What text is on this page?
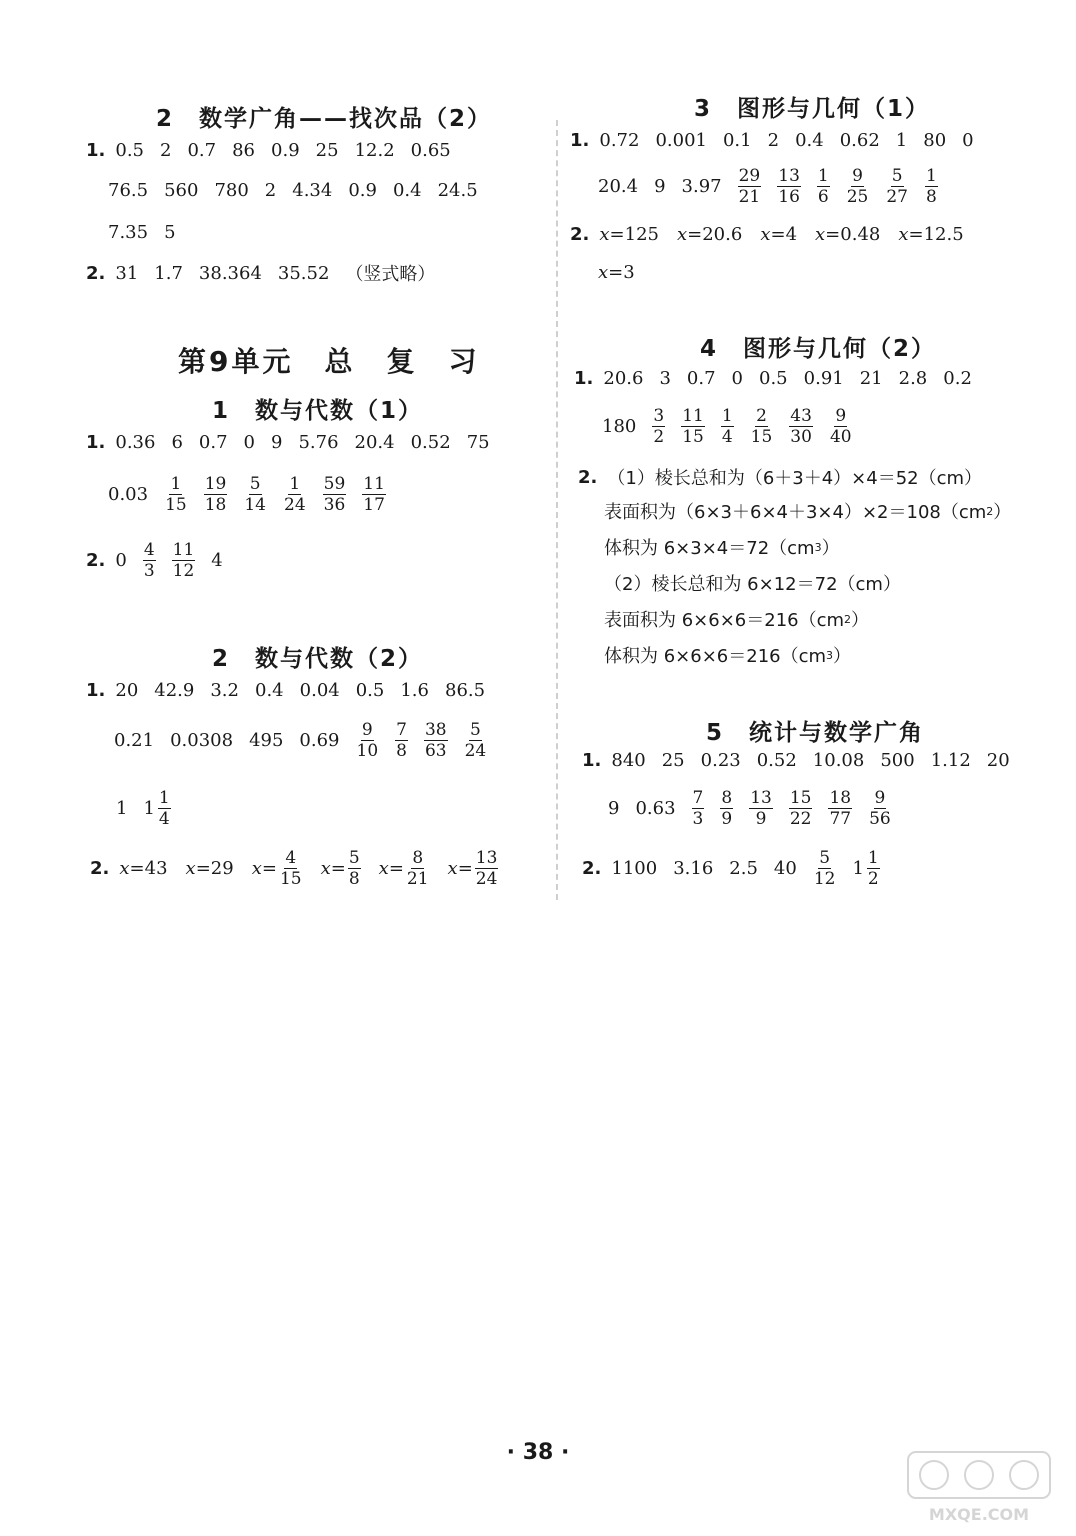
2　数学广角——找次品（2）
1. 0.5 2 0.7 86 0.9 25 12.2 0.65
76.5 560 780 2 4.34 0.9 0.4 24.5
7.35 5
2. 31 1.7 38.364 35.52 （竖式略）
第9单元　总　复　习
1　数与代数（1）
1. 0.36 6 0.7 0 9 5.76 20.4 0.52 75
$0.03 \frac{1}{15} \frac{19}{18} \frac{5}{14} \frac{1}{24} \frac{59}{36} \frac{11}{17}$
2. $0 \frac{4}{3} \frac{11}{12} 4$
2　数与代数（2）
1. 20 42.9 3.2 0.4 0.04 0.5 1.6 86.5
0.21 0.0308 495 $0.69 \frac{9}{10} \frac{7}{8} \frac{38}{63} \frac{5}{24}$
1 $1 \frac{1}{4}$
2. x = 43 x = 29 $x = \frac{4}{15}$ $x = \frac{5}{8}$ $x = \frac{8}{21}$ $x = \frac{13}{24}$
3　图形与几何（1）
1. 0.72 0.001 0.1 2 0.4 0.62 1 80 0
20.4 9 $3.97 \frac{29}{21} \frac{13}{16} \frac{1}{6} \frac{9}{25} \frac{5}{27} \frac{1}{8}$
2. x = 125 x = 20.6 x = 4 x = 0.48 x = 12.5
x = 3
4　图形与几何（2）
1. 20.6 3 0.7 0 0.5 0.91 21 2.8 0.2
$180 \frac{3}{2} \frac{11}{15} \frac{1}{4} \frac{2}{15} \frac{43}{30} \frac{9}{40}$
2. （1）棱长总和为（6＋3＋4）×4＝52（cm）
表面积为（6×3＋6×4＋3×4）×2＝108（cm 2 ）
体积为 6×3×4＝72（cm 3 ）
（2）棱长总和为 6×12＝72（cm）
表面积为 6×6×6＝216（cm 2 ）
体积为 6×6×6＝216（cm 3 ）
5　统计与数学广角
1. 840 25 0.23 0.52 10.08 500 1.12 20
9 $0.63 \frac{7}{3} \frac{8}{9} \frac{13}{9} \frac{15}{22} \frac{18}{77} \frac{9}{56}$
2. 1100 3.16 2.5 $40 \frac{5}{12} 1 \frac{1}{2}$
· 38 ·
MXQE.COM
